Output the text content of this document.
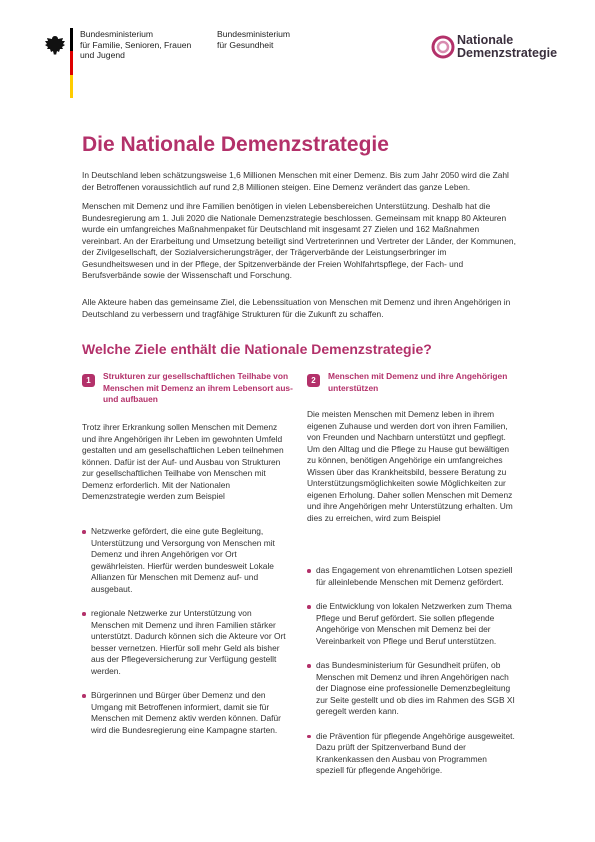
Bundesministerium
für Familie, Senioren, Frauen
und Jugend
Bundesministerium
für Gesundheit	Nationale
Demenzstrategie
Die Nationale Demenzstrategie

In Deutschland leben schätzungsweise 1,6 Millionen Menschen mit einer Demenz. Bis zum Jahr 2050 wird die Zahl der Betroffenen voraussichtlich auf rund 2,8 Millionen steigen. Eine Demenz verändert das ganze Leben.

Menschen mit Demenz und ihre Familien benötigen in vielen Lebensbereichen Unterstützung. Deshalb hat die Bundesregierung am 1. Juli 2020 die Nationale Demenzstrategie beschlossen. Gemeinsam mit knapp 80 Akteuren wurde ein umfangreiches Maßnahmenpaket für Deutschland mit insgesamt 27 Zielen und 162 Maßnahmen vereinbart. An der Erarbeitung und Umsetzung beteiligt sind Vertreterinnen und Vertreter der Länder, der Kommunen, der Zivilgesellschaft, der Sozialversicherungsträger, der Trägerverbände der Leistungserbringer im Gesundheitswesen und in der Pflege, der Spitzenverbände der Freien Wohlfahrtspflege, der Fach- und Berufsverbände sowie der Wissenschaft und Forschung.

Alle Akteure haben das gemeinsame Ziel, die Lebenssituation von Menschen mit Demenz und ihren Angehörigen in Deutschland zu verbessern und tragfähige Strukturen für die Zukunft zu schaffen.

Welche Ziele enthält die Nationale Demenzstrategie?
1	Strukturen zur gesellschaftlichen Teilhabe von Menschen mit Demenz an ihrem Lebensort aus- und aufbauen

Trotz ihrer Erkrankung sollen Menschen mit Demenz und ihre Angehörigen ihr Leben im gewohnten Umfeld gestalten und am gesellschaftlichen Leben teilnehmen können. Dafür ist der Auf- und Ausbau von Strukturen zur gesellschaftlichen Teilhabe von Menschen mit Demenz erforderlich. Mit der Nationalen Demenzstrategie werden zum Beispiel

Netzwerke gefördert, die eine gute Begleitung, Unterstützung und Versorgung von Menschen mit Demenz und ihren Angehörigen vor Ort gewährleisten. Hierfür werden bundesweit Lokale Allianzen für Menschen mit Demenz auf- und ausgebaut.
regionale Netzwerke zur Unterstützung von Menschen mit Demenz und ihren Familien stärker unterstützt. Dadurch können sich die Akteure vor Ort besser vernetzen. Hierfür soll mehr Geld als bisher aus der Pflegeversicherung zur Verfügung gestellt werden.
Bürgerinnen und Bürger über Demenz und den Umgang mit Betroffenen informiert, damit sie für Menschen mit Demenz aktiv werden können. Dafür wird die Bundesregierung eine Kampagne starten.
2	Menschen mit Demenz und ihre Angehörigen unterstützen

Die meisten Menschen mit Demenz leben in ihrem eigenen Zuhause und werden dort von ihren Familien, von Freunden und Nachbarn unterstützt und gepflegt. Um den Alltag und die Pflege zu Hause gut bewältigen zu können, benötigen Angehörige ein umfangreiches Wissen über das Krankheitsbild, bessere Beratung zu Unterstützungsmöglichkeiten sowie Möglichkeiten zur eigenen Erholung. Daher sollen Menschen mit Demenz und ihre Angehörigen mehr Unterstützung erhalten. Um dies zu erreichen, wird zum Beispiel

das Engagement von ehrenamtlichen Lotsen speziell für alleinlebende Menschen mit Demenz gefördert.
die Entwicklung von lokalen Netzwerken zum Thema Pflege und Beruf gefördert. Sie sollen pflegende Angehörige von Menschen mit Demenz bei der Vereinbarkeit von Pflege und Beruf unterstützen.
das Bundesministerium für Gesundheit prüfen, ob Menschen mit Demenz und ihren Angehörigen nach der Diagnose eine professionelle Demenzbegleitung zur Seite gestellt und ob dies im Rahmen des SGB XI geregelt werden kann.
die Prävention für pflegende Angehörige ausgeweitet. Dazu prüft der Spitzenverband Bund der Krankenkassen den Ausbau von Programmen speziell für pflegende Angehörige.
